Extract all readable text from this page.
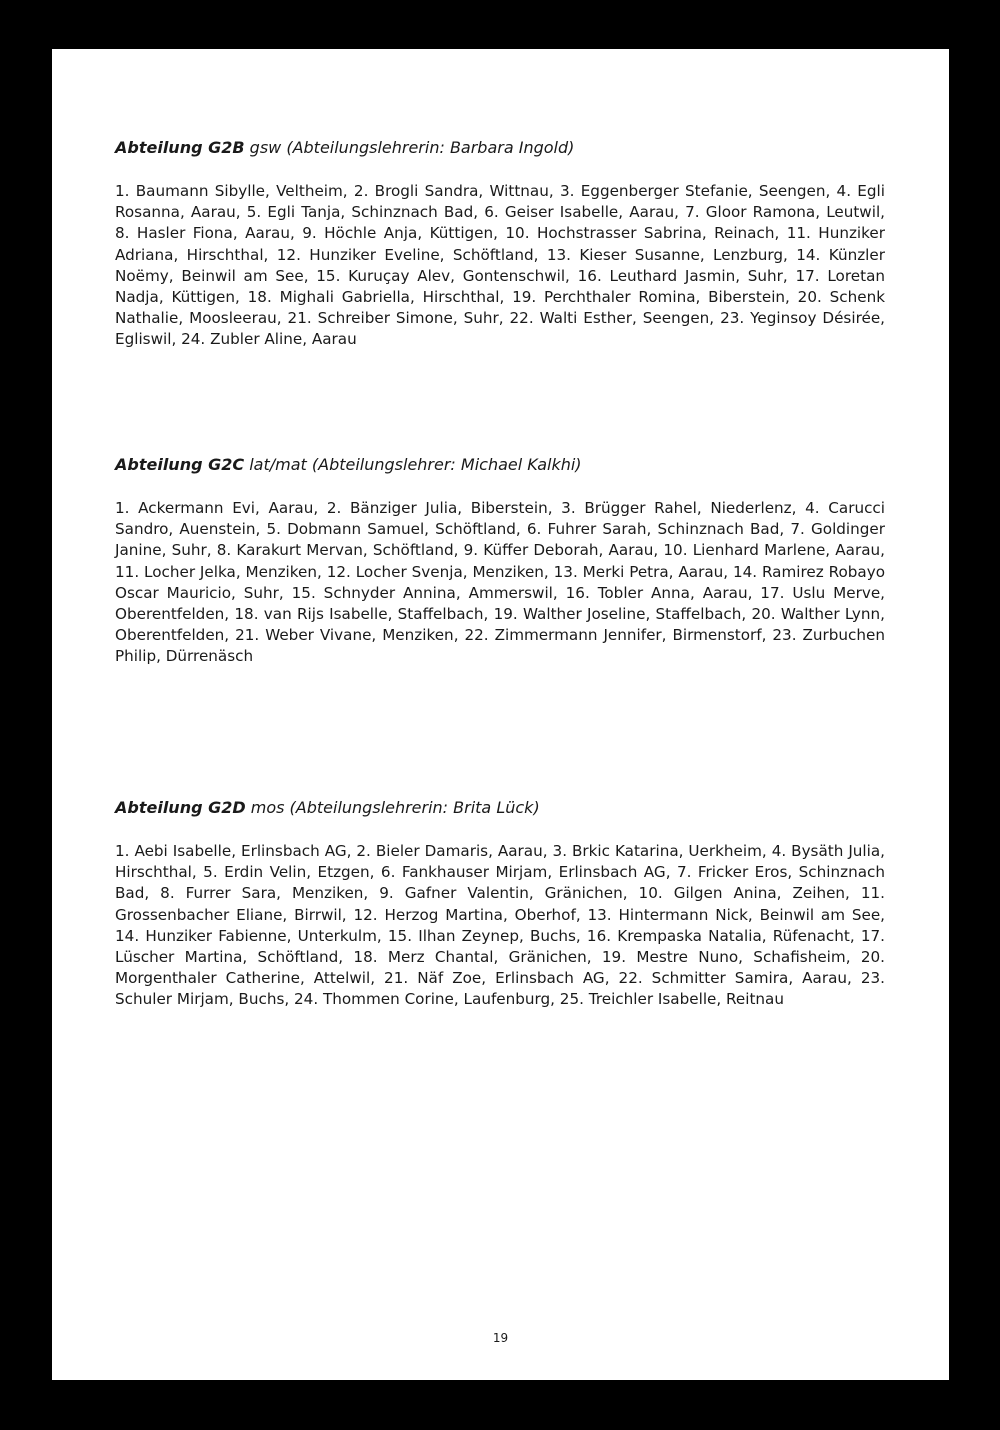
Abteilung G2B gsw (Abteilungslehrerin: Barbara Ingold)

1. Baumann Sibylle, Veltheim, 2. Brogli Sandra, Wittnau, 3. Eggenberger Stefanie, Seengen, 4. Egli Rosanna, Aarau, 5. Egli Tanja, Schinznach Bad, 6. Geiser Isabelle, Aarau, 7. Gloor Ramona, Leutwil, 8. Hasler Fiona, Aarau, 9. Höchle Anja, Küttigen, 10. Hochstrasser Sabrina, Reinach, 11. Hunziker Adriana, Hirschthal, 12. Hunziker Eveline, Schöftland, 13. Kieser Susanne, Lenzburg, 14. Künzler Noëmy, Beinwil am See, 15. Kuruçay Alev, Gontenschwil, 16. Leuthard Jasmin, Suhr, 17. Loretan Nadja, Küttigen, 18. Mighali Gabriella, Hirschthal, 19. Perchthaler Romina, Biberstein, 20. Schenk Nathalie, Moosleerau, 21. Schreiber Simone, Suhr, 22. Walti Esther, Seengen, 23. Yeginsoy Désirée, Egliswil, 24. Zubler Aline, Aarau

Abteilung G2C lat/mat (Abteilungslehrer: Michael Kalkhi)

1. Ackermann Evi, Aarau, 2. Bänziger Julia, Biberstein, 3. Brügger Rahel, Niederlenz, 4. Carucci Sandro, Auenstein, 5. Dobmann Samuel, Schöftland, 6. Fuhrer Sarah, Schinznach Bad, 7. Goldinger Janine, Suhr, 8. Karakurt Mervan, Schöftland, 9. Küffer Deborah, Aarau, 10. Lienhard Marlene, Aarau, 11. Locher Jelka, Menziken, 12. Locher Svenja, Menziken, 13. Merki Petra, Aarau, 14. Ramirez Robayo Oscar Mauricio, Suhr, 15. Schnyder Annina, Ammerswil, 16. Tobler Anna, Aarau, 17. Uslu Merve, Oberentfelden, 18. van Rijs Isabelle, Staffelbach, 19. Walther Joseline, Staffelbach, 20. Walther Lynn, Oberentfelden, 21. Weber Vivane, Menziken, 22. Zimmermann Jennifer, Birmenstorf, 23. Zurbuchen Philip, Dürrenäsch

Abteilung G2D mos (Abteilungslehrerin: Brita Lück)

1. Aebi Isabelle, Erlinsbach AG, 2. Bieler Damaris, Aarau, 3. Brkic Katarina, Uerkheim, 4. Bysäth Julia, Hirschthal, 5. Erdin Velin, Etzgen, 6. Fankhauser Mirjam, Erlinsbach AG, 7. Fricker Eros, Schinznach Bad, 8. Furrer Sara, Menziken, 9. Gafner Valentin, Gränichen, 10. Gilgen Anina, Zeihen, 11. Grossenbacher Eliane, Birrwil, 12. Herzog Martina, Oberhof, 13. Hintermann Nick, Beinwil am See, 14. Hunziker Fabienne, Unterkulm, 15. Ilhan Zeynep, Buchs, 16. Krempaska Natalia, Rüfenacht, 17. Lüscher Martina, Schöftland, 18. Merz Chantal, Gränichen, 19. Mestre Nuno, Schafisheim, 20. Morgenthaler Catherine, Attelwil, 21. Näf Zoe, Erlinsbach AG, 22. Schmitter Samira, Aarau, 23. Schuler Mirjam, Buchs, 24. Thommen Corine, Laufenburg, 25. Treichler Isabelle, Reitnau

19
